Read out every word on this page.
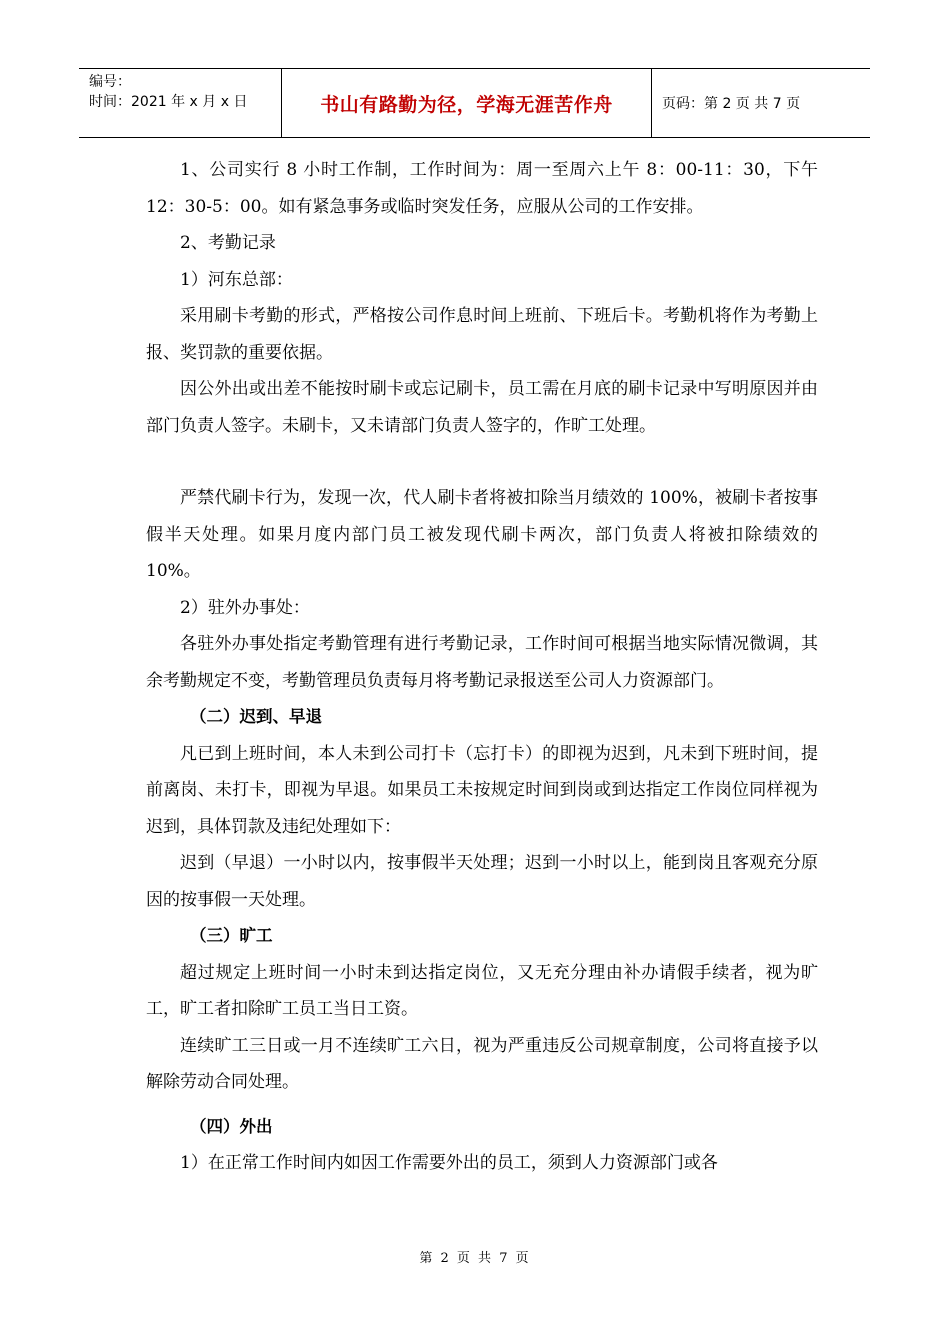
编号：
时间：2021 年 x 月 x 日	书山有路勤为径，学海无涯苦作舟	页码：第 2 页 共 7 页

1、公司实行 8 小时工作制，工作时间为：周一至周六上午 8：00-11：30，下午 12：30-5：00。如有紧急事务或临时突发任务，应服从公司的工作安排。

2、考勤记录

1）河东总部：

采用刷卡考勤的形式，严格按公司作息时间上班前、下班后卡。考勤机将作为考勤上报、奖罚款的重要依据。

因公外出或出差不能按时刷卡或忘记刷卡，员工需在月底的刷卡记录中写明原因并由部门负责人签字。未刷卡，又未请部门负责人签字的，作旷工处理。

严禁代刷卡行为，发现一次，代人刷卡者将被扣除当月绩效的 100%，被刷卡者按事假半天处理。如果月度内部门员工被发现代刷卡两次，部门负责人将被扣除绩效的 10%。

2）驻外办事处：

各驻外办事处指定考勤管理有进行考勤记录，工作时间可根据当地实际情况微调，其余考勤规定不变，考勤管理员负责每月将考勤记录报送至公司人力资源部门。

（二）迟到、早退

凡已到上班时间，本人未到公司打卡（忘打卡）的即视为迟到，凡未到下班时间，提前离岗、未打卡，即视为早退。如果员工未按规定时间到岗或到达指定工作岗位同样视为迟到，具体罚款及违纪处理如下：

迟到（早退）一小时以内，按事假半天处理；迟到一小时以上，能到岗且客观充分原因的按事假一天处理。

（三）旷工

超过规定上班时间一小时未到达指定岗位，又无充分理由补办请假手续者，视为旷工，旷工者扣除旷工员工当日工资。

连续旷工三日或一月不连续旷工六日，视为严重违反公司规章制度，公司将直接予以解除劳动合同处理。

（四）外出

1）在正常工作时间内如因工作需要外出的员工，须到人力资源部门或各

第 2 页 共 7 页
